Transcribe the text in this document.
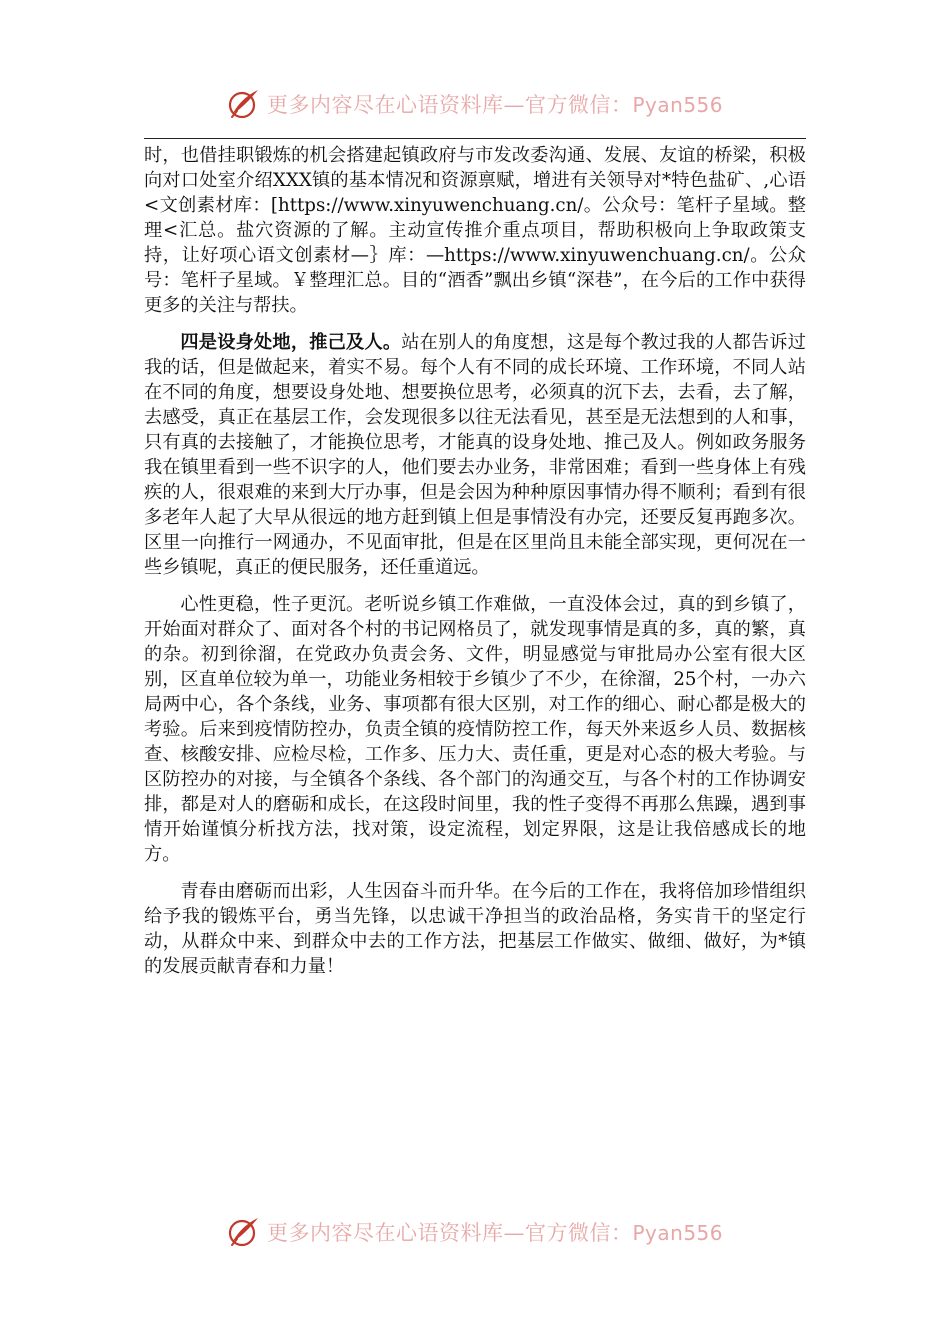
更多内容尽在心语资料库—官方微信：Pyan556

时，也借挂职锻炼的机会搭建起镇政府与市发改委沟通、发展、友谊的桥梁，积极向对口处室介绍XXX镇的基本情况和资源禀赋，增进有关领导对*特色盐矿、,心语<文创素材库：[https://www.xinyuwenchuang.cn/。公众号：笔杆子星域。整理<汇总。盐穴资源的了解。主动宣传推介重点项目，帮助积极向上争取政策支持，让好项心语文创素材—｝库：—https://www.xinyuwenchuang.cn/。公众号：笔杆子星域。￥整理汇总。目的“酒香”飘出乡镇“深巷”，在今后的工作中获得更多的关注与帮扶。

四是设身处地，推己及人。站在别人的角度想，这是每个教过我的人都告诉过我的话，但是做起来，着实不易。每个人有不同的成长环境、工作环境，不同人站在不同的角度，想要设身处地、想要换位思考，必须真的沉下去，去看，去了解，去感受，真正在基层工作，会发现很多以往无法看见，甚至是无法想到的人和事，只有真的去接触了，才能换位思考，才能真的设身处地、推己及人。例如政务服务我在镇里看到一些不识字的人，他们要去办业务，非常困难；看到一些身体上有残疾的人，很艰难的来到大厅办事，但是会因为种种原因事情办得不顺利；看到有很多老年人起了大早从很远的地方赶到镇上但是事情没有办完，还要反复再跑多次。区里一向推行一网通办，不见面审批，但是在区里尚且未能全部实现，更何况在一些乡镇呢，真正的便民服务，还任重道远。

心性更稳，性子更沉。老听说乡镇工作难做，一直没体会过，真的到乡镇了，开始面对群众了、面对各个村的书记网格员了，就发现事情是真的多，真的繁，真的杂。初到徐溜，在党政办负责会务、文件，明显感觉与审批局办公室有很大区别，区直单位较为单一，功能业务相较于乡镇少了不少，在徐溜，25个村，一办六局两中心，各个条线，业务、事项都有很大区别，对工作的细心、耐心都是极大的考验。后来到疫情防控办，负责全镇的疫情防控工作，每天外来返乡人员、数据核查、核酸安排、应检尽检，工作多、压力大、责任重，更是对心态的极大考验。与区防控办的对接，与全镇各个条线、各个部门的沟通交互，与各个村的工作协调安排，都是对人的磨砺和成长，在这段时间里，我的性子变得不再那么焦躁，遇到事情开始谨慎分析找方法，找对策，设定流程，划定界限，这是让我倍感成长的地方。

青春由磨砺而出彩，人生因奋斗而升华。在今后的工作在，我将倍加珍惜组织给予我的锻炼平台，勇当先锋，以忠诚干净担当的政治品格，务实肯干的坚定行动，从群众中来、到群众中去的工作方法，把基层工作做实、做细、做好，为*镇的发展贡献青春和力量！

更多内容尽在心语资料库—官方微信：Pyan556
